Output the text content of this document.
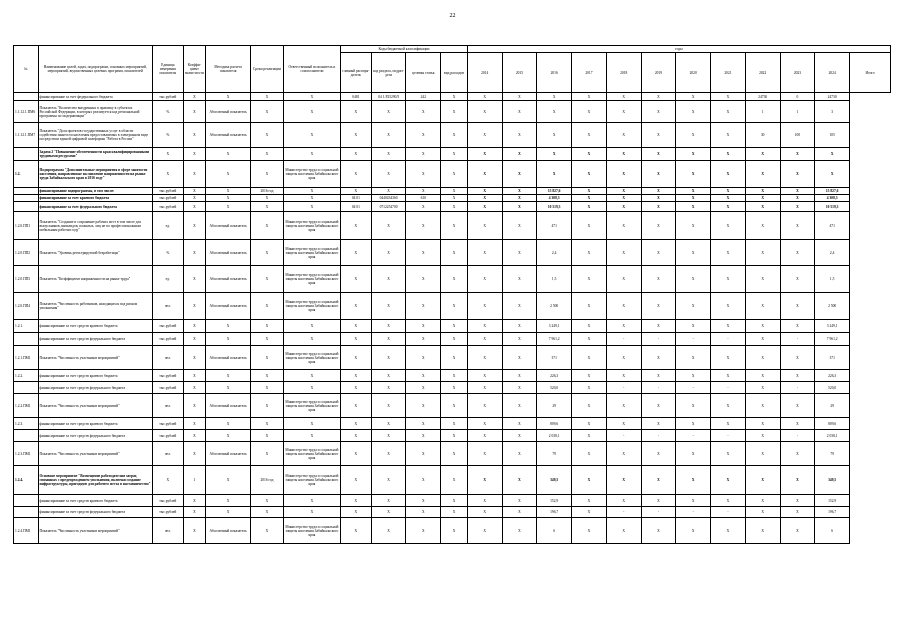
22
№	Наименование целей, задач, подпрограмм, основных мероприятий, мероприятий, ведомственных целевых программ, показателей	Единица измерения показателя	Коэффи-циент значи-мости	Методика расчета показателя	Сроки реализации	Ответственный исполнитель и соисполнители	Коды бюджетной классификации				годы											
							главный распоря-дитель	код раздела, подраз-дела	целевая статья	вид расходов	2014	2015	2016	2017	2018	2019	2020	2021	2022	2023	2024	Итого
	финансирование за счет федерального бюджета	тыс.рублей	X	X	X	X	0481	04 1.P25290Л	242	X	X	X	X	X	X	X	X	X	24730	0	24730	
1.1.12.1.ПМ6	Показатель "Количество внедренных в практику в субъектах Российской Федерации, в которых реализуется код региональной программы по модернизации"	%	X	Абсолютный показатель	X	X	X	X	X	X	X	X	X	X	X	X	X	X	1	1	3	
1.1.12.1.ПМ7	Показатель "Доля проектов государственных услуг в области содействия занятости населения предоставляемых в электронном виде посредством единой цифровой платформы "Работа в России"	%	X	Абсолютный показатель	X	X	X	X	X	X	X	X	X	X	X	X	X	X	30	100	105	
	Задача 2 "Повышение обеспеченности края квалифицированными трудовыми ресурсами"	X	X	X	X	X	X	X	X	X	X	X	X	X	X	X	X	X	X	X	X	
1.2.	Подпрограмма "Дополнительные мероприятия в сфере занятости населения, направленные на снижение напряженности на рынке труда Забайкальского края в 2016 году"	X	X	X	X	Министерство труда и социальной защиты населения Забайкальского края	X	X	X	X	X	X	X	X	X	X	X	X	X	X	X	
	финансирование подпрограммы, в том числе:	тыс.рублей	X	X	2016 год	X	X	X	X	X	X	X	15 827,6	X	X	X	X	X	X	X	15 827,6	
	финансирование за счет краевого бюджета	тыс.рублей	X	X	X	X	04 01	0440434360	610	X	X	X	4 308,3	X	X	X	X	X	X	X	4 308,3	
	финансирование за счет федерального бюджета	тыс.рублей	X	X	X	X	04 01	0712254700	X	X	X	X	10 519,3	X	X	X	X	X	X	X	10 519,3	
1.2.0.ПП1	Показатель "Создание и сохранение рабочих мест в том числе для выпускников, инвалидов, пожилых, лиц не по профессиональным мобильным работам году"	ед.	X	Абсолютный показатель	X	Министерство труда и социальной защиты населения Забайкальского края	X	X	X	X	X	X	471	X	X	X	X	X	X	X	471	
1.2.0.ПП2	Показатель "Уровень регистрируемой безработицы"	%	X	Абсолютный показатель	X	Министерство труда и социальной защиты населения Забайкальского края	X	X	X	X	X	X	2,4	X	X	X	X	X	X	X	2,4	
1.2.0.ПП3	Показатель "Коэффициент напряженности на рынке труда"	ед.	X	Абсолютный показатель	X	Министерство труда и социальной защиты населения Забайкальского края	X	X	X	X	X	X	1,5	X	X	X	X	X	X	X	1,5	
1.2.0.ПП4	Показатель "Численность работников, находящихся под риском увольнения"	чел.	X	Абсолютный показатель	X	Министерство труда и социальной защиты населения Забайкальского края	X	X	X	X	X	X	2 500	X	X	X	X	X	X	X	2 500	
1.2.1.	финансирование за счет средств краевого бюджета	тыс.рублей	X	X	X	X	X	X	X	X	X	X	3 249,1	X	X	X	X	X	X	X	3 249,1	
	финансирование за счет средств федерального бюджета	тыс.рублей	X	X	X	X	X	X	X	X	X	X	7 961,2	X	-	-	-	-	X	-	7 961,2	
1.2.1.ПМ1	Показатель "Численность участников мероприятий"	чел.	X	Абсолютный показатель	X	Министерство труда и социальной защиты населения Забайкальского края	X	X	X	X	X	X	371	X	X	X	X	X	X	X	371	
1.2.2.	финансирование за счет средств краевого бюджета	тыс.рублей	X	X	X	X	X	X	X	X	X	X	226,3	X	X	X	X	X	X	X	226,3	
	финансирование за счет средств федерального бюджета	тыс.рублей	X	X	X	X	X	X	X	X	X	X	520,0	X	-	-	-	-	X	-	520,0	
1.2.2.ПМ1	Показатель "Численность участников мероприятий"	чел.	X	Абсолютный показатель	X	Министерство труда и социальной защиты населения Забайкальского края	X	X	X	X	X	X	29	X	X	X	X	X	X	X	29	
1.2.3.	финансирование за счет средств краевого бюджета	тыс.рублей	X	X	X	X	X	X	X	X	X	X	809,6	X	X	X	X	X	X	X	809,6	
	финансирование за счет средств федерального бюджета	тыс.рублей	X	X	X	X	X	X	X	X	X	X	2 038,1	X	-	-	-	-	X	-	2 038,1	
1.2.3.ПМ1	Показатель "Численность участников мероприятий"	чел.	X	Абсолютный показатель	X	Министерство труда и социальной защиты населения Забайкальского края	X	X	X	X	X	X	79	X	X	X	X	X	X	X	79	
1.2.4.	Основное мероприятие "Возмещение работодателям затрат, связанных с предупреждением увольнения, включая создание инфраструктуры, пригодную для рабочего места в наставничество"	X	1	X	2016 год	Министерство труда и социальной защиты населения Забайкальского края	X	X	X	X	X	X	349,5	X	X	X	X	X	X	X	349,5	
	финансирование за счет средств краевого бюджета	тыс.рублей	X	X	X	X	X	X	X	X	X	X	152,9	X	X	X	X	X	X	X	152,9	
	финансирование за счет средств федерального бюджета	тыс.рублей	X	X	X	X	X	X	X	X	X	X	196,7	X	-	-	-	-	X	X	196,7	
1.2.4.ПМ1	Показатель "Численность участников мероприятий"	чел.	X	Абсолютный показатель	X	Министерство труда и социальной защиты населения Забайкальского края	X	X	X	X	X	X	6	X	X	X	X	X	X	X	6	
